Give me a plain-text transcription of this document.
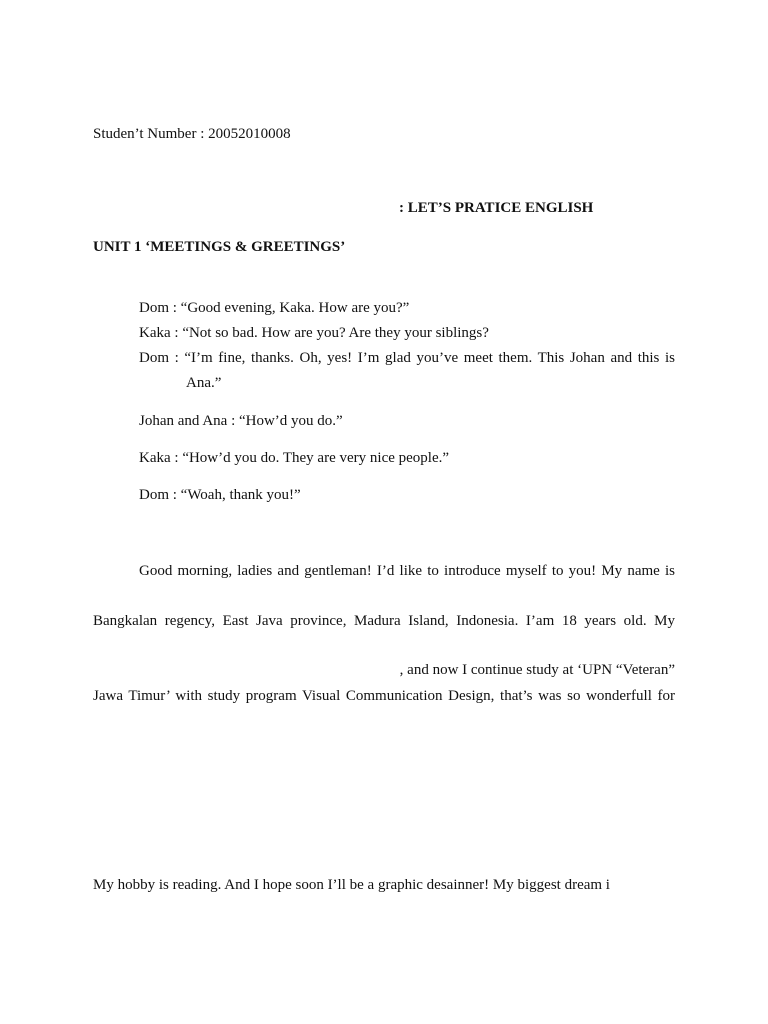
Studen’t Number : 20052010008
: LET’S PRATICE ENGLISH
UNIT 1 ‘MEETINGS & GREETINGS’
Dom : “Good evening, Kaka. How are you?”
Kaka : “Not so bad. How are you? Are they your siblings?
Dom : “I’m fine, thanks. Oh, yes! I’m glad you’ve meet them. This Johan and this is
Ana.”
Johan and Ana : “How’d you do.”
Kaka : “How’d you do. They are very nice people.”
Dom : “Woah, thank you!”
Good morning, ladies and gentleman! I’d like to introduce myself to you! My name is
Bangkalan regency, East Java province, Madura Island, Indonesia. I’am 18 years old. My
, and now I continue study at ‘UPN “Veteran”
Jawa Timur’ with study program Visual Communication Design, that’s was so wonderfull for
My hobby is reading. And I hope soon I’ll be a graphic desainner! My biggest dream i
